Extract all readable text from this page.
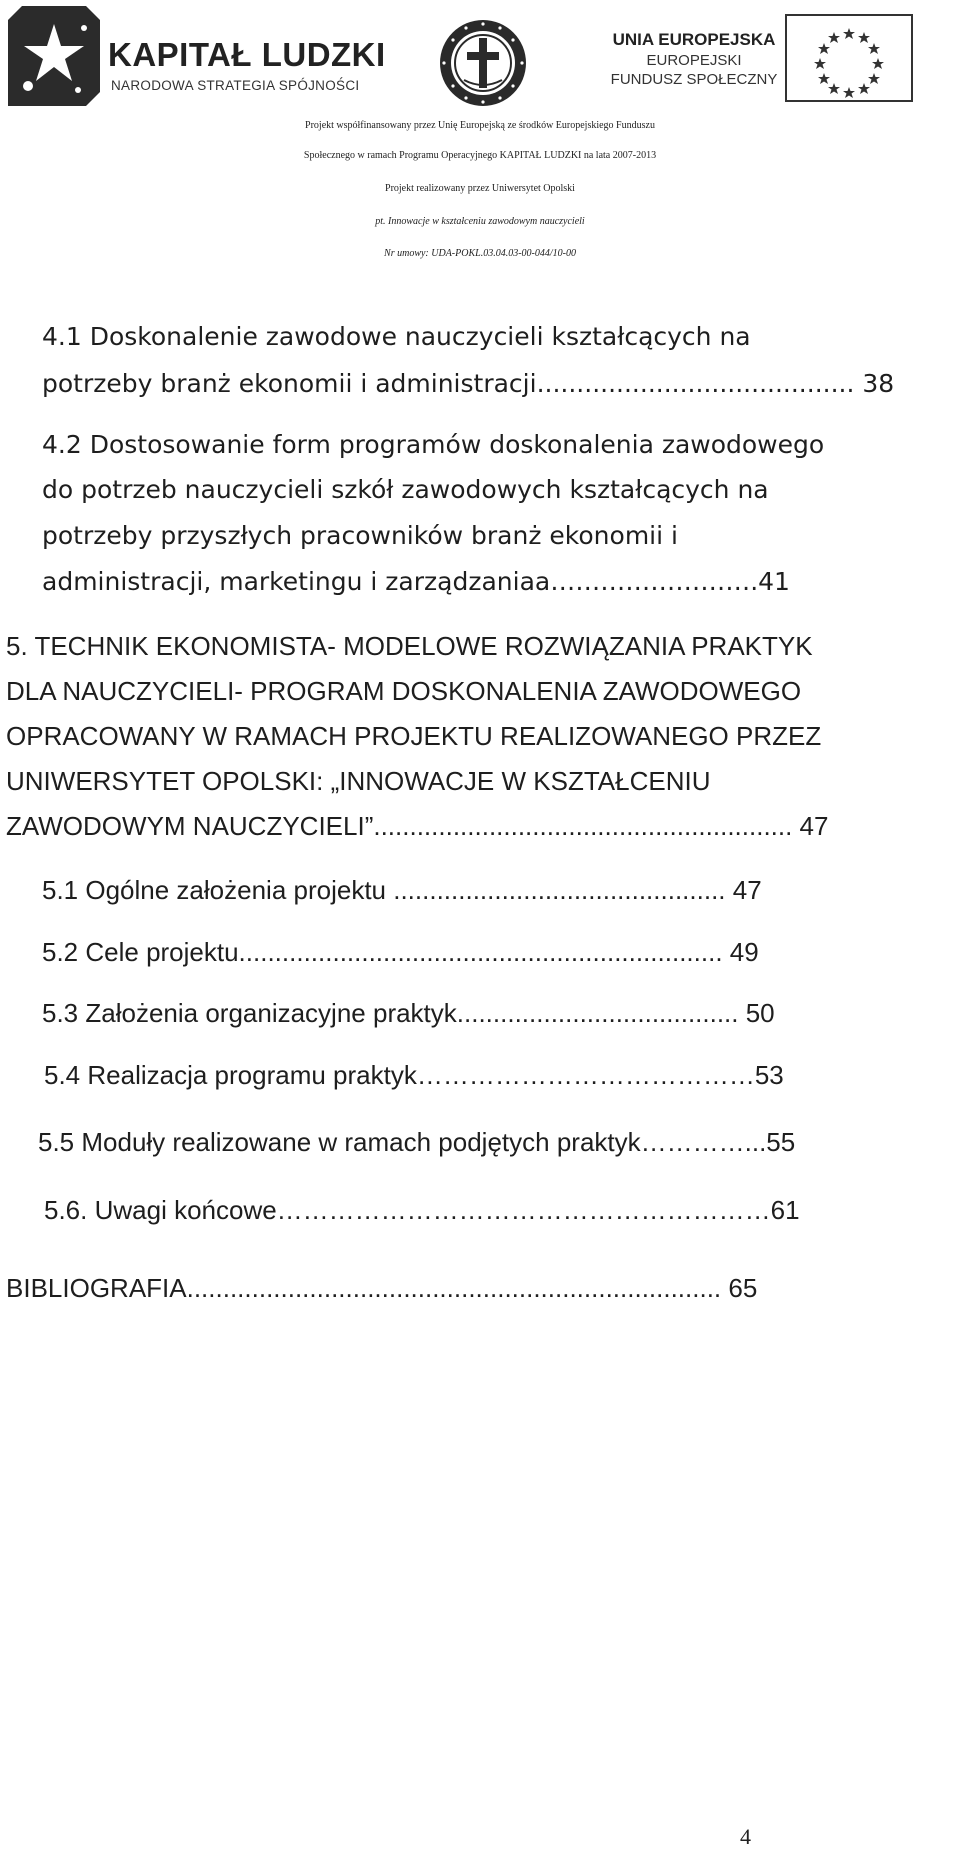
KAPITAŁ LUDZKI
NARODOWA STRATEGIA SPÓJNOŚCI
UNIA EUROPEJSKA
EUROPEJSKI
FUNDUSZ SPOŁECZNY
Projekt współfinansowany przez Unię Europejską ze środków Europejskiego Funduszu
Społecznego w ramach Programu Operacyjnego KAPITAŁ LUDZKI na lata 2007-2013
Projekt realizowany przez Uniwersytet Opolski
pt. Innowacje w kształceniu zawodowym nauczycieli
Nr umowy: UDA-POKL.03.04.03-00-044/10-00
4.1 Doskonalenie zawodowe nauczycieli kształcących na
potrzeby branż ekonomii i administracji........................................ 38
4.2 Dostosowanie form programów doskonalenia zawodowego
do potrzeb nauczycieli szkół zawodowych kształcących na
potrzeby przyszłych pracowników branż ekonomii i
administracji, marketingu i zarządzaniaa…………………….41
5. TECHNIK EKONOMISTA- MODELOWE ROZWIĄZANIA PRAKTYK
DLA NAUCZYCIELI- PROGRAM DOSKONALENIA ZAWODOWEGO
OPRACOWANY W RAMACH PROJEKTU REALIZOWANEGO PRZEZ
UNIWERSYTET OPOLSKI: „INNOWACJE W KSZTAŁCENIU
ZAWODOWYM NAUCZYCIELI”.......................................................... 47
5.1 Ogólne założenia projektu .............................................. 47
5.2 Cele projektu................................................................... 49
5.3 Założenia organizacyjne praktyk....................................... 50
5.4 Realizacja programu praktyk…………………………………53
5.5 Moduły realizowane w ramach podjętych praktyk…………...55
5.6. Uwagi końcowe…………………………………………………61
BIBLIOGRAFIA.......................................................................... 65
4
